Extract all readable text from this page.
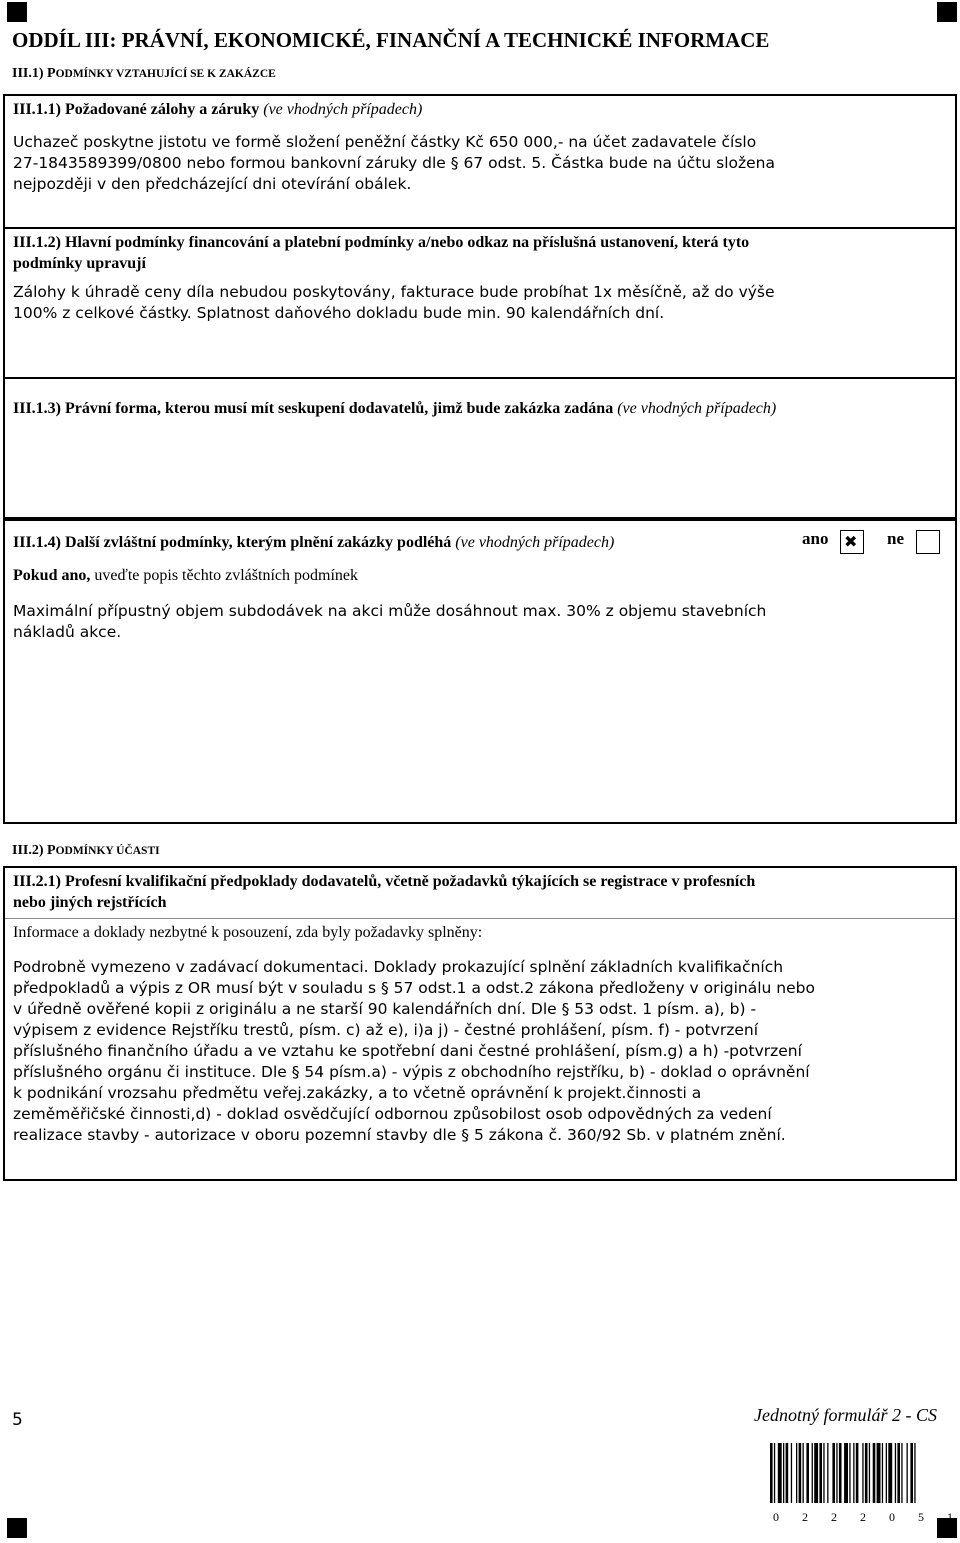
ODDÍL III: PRÁVNÍ, EKONOMICKÉ, FINANČNÍ A TECHNICKÉ INFORMACE
III.1) PODMÍNKY VZTAHUJÍCÍ SE K ZAKÁZCE
III.1.1) Požadované zálohy a záruky (ve vhodných případech)
Uchazeč poskytne jistotu ve formě složení peněžní částky Kč 650 000,- na účet zadavatele číslo
27-1843589399/0800 nebo formou bankovní záruky dle § 67 odst. 5. Částka bude na účtu složena
nejpozději v den předcházející dni otevírání obálek.
III.1.2) Hlavní podmínky financování a platební podmínky a/nebo odkaz na příslušná ustanovení, která tyto
podmínky upravují
Zálohy k úhradě ceny díla nebudou poskytovány, fakturace bude probíhat 1x měsíčně, až do výše
100% z celkové částky. Splatnost daňového dokladu bude min. 90 kalendářních dní.
III.1.3) Právní forma, kterou musí mít seskupení dodavatelů, jimž bude zakázka zadána (ve vhodných případech)
III.1.4) Další zvláštní podmínky, kterým plnění zakázky podléhá (ve vhodných případech)	ano ✖ ne
Pokud ano, uveďte popis těchto zvláštních podmínek
Maximální přípustný objem subdodávek na akci může dosáhnout max. 30% z objemu stavebních
nákladů akce.
III.2) PODMÍNKY ÚČASTI
III.2.1) Profesní kvalifikační předpoklady dodavatelů, včetně požadavků týkajících se registrace v profesních
nebo jiných rejstřících
Informace a doklady nezbytné k posouzení, zda byly požadavky splněny:
Podrobně vymezeno v zadávací dokumentaci. Doklady prokazující splnění základních kvalifikačních
předpokladů a výpis z OR musí být v souladu s § 57 odst.1 a odst.2 zákona předloženy v originálu nebo
v úředně ověřené kopii z originálu a ne starší 90 kalendářních dní. Dle § 53 odst. 1 písm. a), b) -
výpisem z evidence Rejstříku trestů, písm. c) až e), i)a j) - čestné prohlášení, písm. f) - potvrzení
příslušného finančního úřadu a ve vztahu ke spotřební dani čestné prohlášení, písm.g) a h) -potvrzení
příslušného orgánu či instituce. Dle § 54 písm.a) - výpis z obchodního rejstříku, b) - doklad o oprávnění
k podnikání vrozsahu předmětu veřej.zakázky, a to včetně oprávnění k projekt.činnosti a
zeměměřičské činnosti,d) - doklad osvědčující odbornou způsobilost osob odpovědných za vedení
realizace stavby - autorizace v oboru pozemní stavby dle § 5 zákona č. 360/92 Sb. v platném znění.
5	Jednotný formulář 2 - CS
0 2 2 2 0 5 1
